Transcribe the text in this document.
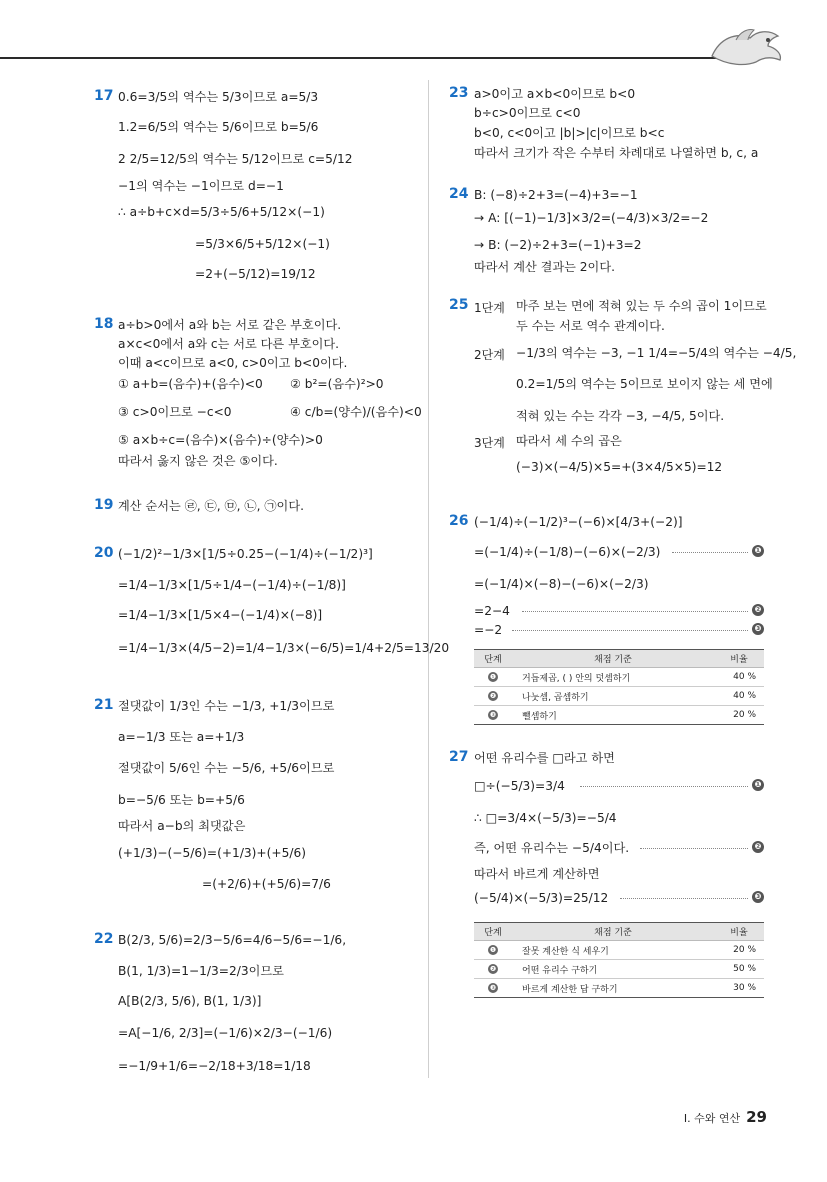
17 0.6=3/5의 역수는 5/3이므로 a=5/3
1.2=6/5의 역수는 5/6이므로 b=5/6
2 2/5=12/5의 역수는 5/12이므로 c=5/12
−1의 역수는 −1이므로 d=−1
∴ a÷b+c×d=5/3÷5/6+5/12×(−1)
=5/3×6/5+5/12×(−1)
=2+(−5/12)=19/12
18 a÷b>0에서 a와 b는 서로 같은 부호이다.
a×c<0에서 a와 c는 서로 다른 부호이다.
이때 a<c이므로 a<0, c>0이고 b<0이다.
① a+b=(음수)+(음수)<0 ② b²=(음수)²>0
③ c>0이므로 −c<0	④ c/b=(양수)/(음수)<0
⑤ a×b÷c=(음수)×(음수)÷(양수)>0
따라서 옳지 않은 것은 ⑤이다.
19 계산 순서는 ㉣, ㉢, ㉤, ㉡, ㉠이다.
20 (−1/2)²−1/3×[1/5÷0.25−(−1/4)÷(−1/2)³]
=1/4−1/3×[1/5÷1/4−(−1/4)÷(−1/8)]
=1/4−1/3×[1/5×4−(−1/4)×(−8)]
=1/4−1/3×(4/5−2)=1/4−1/3×(−6/5)=1/4+2/5=13/20
21 절댓값이 1/3인 수는 −1/3, +1/3이므로
a=−1/3 또는 a=+1/3
절댓값이 5/6인 수는 −5/6, +5/6이므로
b=−5/6 또는 b=+5/6
따라서 a−b의 최댓값은
(+1/3)−(−5/6)=(+1/3)+(+5/6)
=(+2/6)+(+5/6)=7/6
22 B(2/3, 5/6)=2/3−5/6=4/6−5/6=−1/6,
B(1, 1/3)=1−1/3=2/3이므로
A[B(2/3, 5/6), B(1, 1/3)]
=A[−1/6, 2/3]=(−1/6)×2/3−(−1/6)
=−1/9+1/6=−2/18+3/18=1/18
23 a>0이고 a×b<0이므로 b<0
b÷c>0이므로 c<0
b<0, c<0이고 |b|>|c|이므로 b<c
따라서 크기가 작은 수부터 차례대로 나열하면 b, c, a
24 B: (−8)÷2+3=(−4)+3=−1
→ A: [(−1)−1/3]×3/2=(−4/3)×3/2=−2
→ B: (−2)÷2+3=(−1)+3=2
따라서 계산 결과는 2이다.
25 1단계 마주 보는 면에 적혀 있는 두 수의 곱이 1이므로
두 수는 서로 역수 관계이다.
2단계 −1/3의 역수는 −3, −1 1/4=−5/4의 역수는 −4/5,
0.2=1/5의 역수는 5이므로 보이지 않는 세 면에
적혀 있는 수는 각각 −3, −4/5, 5이다.
3단계 따라서 세 수의 곱은
(−3)×(−4/5)×5=+(3×4/5×5)=12
26 (−1/4)÷(−1/2)³−(−6)×[4/3+(−2)]
=(−1/4)÷(−1/8)−(−6)×(−2/3)	❶
=(−1/4)×(−8)−(−6)×(−2/3)
=2−4	❷
=−2	❸
단계	채점 기준	비율
❶	거듭제곱, ( ) 안의 덧셈하기	40 %
❷	나눗셈, 곱셈하기	40 %
❸	뺄셈하기	20 %
27 어떤 유리수를 □라고 하면
□÷(−5/3)=3/4	❶
∴ □=3/4×(−5/3)=−5/4
즉, 어떤 유리수는 −5/4이다.	❷
따라서 바르게 계산하면
(−5/4)×(−5/3)=25/12	❸
단계	채점 기준	비율
❶	잘못 계산한 식 세우기	20 %
❷	어떤 유리수 구하기	50 %
❸	바르게 계산한 답 구하기	30 %
I. 수와 연산 29
